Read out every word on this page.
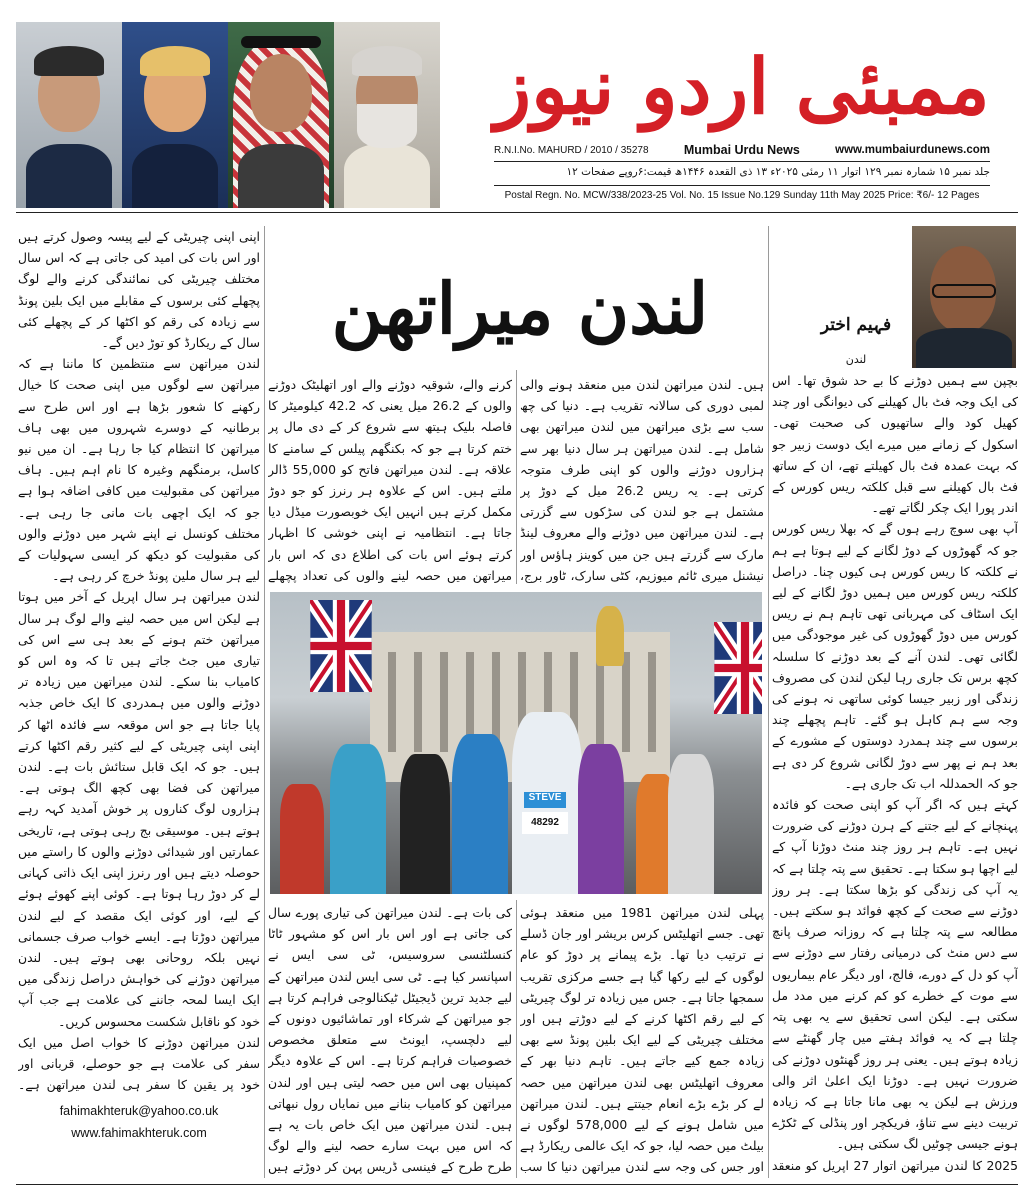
ممبئی اردو نیوز
R.N.I.No. MAHURD / 2010 / 35278	Mumbai Urdu News	www.mumbaiurdunews.com
جلد نمبر ۱۵ شمارہ نمبر ۱۲۹ اتوار ۱۱ رمئی ۲۰۲۵ء ۱۳ ذی القعدہ ۱۴۴۶ھ قیمت:۶روپے صفحات ۱۲
Postal Regn. No. MCW/338/2023-25 Vol. No. 15 Issue No.129 Sunday 11th May 2025 Price: ₹6/- 12 Pages
لندن میراتھن	فہیم اختر
لندن

بچپن سے ہمیں دوڑنے کا بے حد شوق تھا۔ اس کی ایک وجہ فٹ بال کھیلنے کی دیوانگی اور چند کھیل کود والے ساتھیوں کی صحبت تھی۔ اسکول کے زمانے میں میرے ایک دوست زبیر جو کہ بہت عمدہ فٹ بال کھیلتے تھے، ان کے ساتھ فٹ بال کھیلنے سے قبل کلکتہ ریس کورس کے اندر پورا ایک چکر لگاتے تھے۔

آپ بھی سوچ رہے ہوں گے کہ بھلا ریس کورس جو کہ گھوڑوں کے دوڑ لگانے کے لیے ہوتا ہے ہم نے کلکتہ کا ریس کورس ہی کیوں چنا۔ دراصل کلکتہ ریس کورس میں ہمیں دوڑ لگانے کے لیے ایک اسٹاف کی مہربانی تھی تاہم ہم نے ریس کورس میں دوڑ گھوڑوں کی غیر موجودگی میں لگائی تھی۔ لندن آنے کے بعد دوڑنے کا سلسلہ کچھ برس تک جاری رہا لیکن لندن کی مصروف زندگی اور زبیر جیسا کوئی ساتھی نہ ہونے کی وجہ سے ہم کاہل ہو گئے۔ تاہم پچھلے چند برسوں سے چند ہمدرد دوستوں کے مشورے کے بعد ہم نے پھر سے دوڑ لگانی شروع کر دی ہے جو کہ الحمدللہ اب تک جاری ہے۔

کہتے ہیں کہ اگر آپ کو اپنی صحت کو فائدہ پہنچانے کے لیے جتنے کے ہرن دوڑنے کی ضرورت نہیں ہے۔ تاہم ہر روز چند منٹ دوڑنا آپ کے لیے اچھا ہو سکتا ہے۔ تحقیق سے پتہ چلتا ہے کہ یہ آپ کی زندگی کو بڑھا سکتا ہے۔ ہر روز دوڑنے سے صحت کے کچھ فوائد ہو سکتے ہیں۔ مطالعہ سے پتہ چلتا ہے کہ روزانہ صرف پانچ سے دس منٹ کی درمیانی رفتار سے دوڑنے سے آپ کو دل کے دورے، فالج، اور دیگر عام بیماریوں سے موت کے خطرے کو کم کرنے میں مدد مل سکتی ہے۔ لیکن اسی تحقیق سے یہ بھی پتہ چلتا ہے کہ یہ فوائد ہفتے میں چار گھنٹے سے زیادہ ہوتے ہیں۔ یعنی ہر روز گھنٹوں دوڑنے کی ضرورت نہیں ہے۔ دوڑنا ایک اعلیٰ اثر والی ورزش ہے لیکن یہ بھی مانا جاتا ہے کہ زیادہ تربیت دینے سے تناؤ، فریکچر اور پنڈلی کے ٹکڑے ہونے جیسی چوٹیں لگ سکتی ہیں۔

2025 کا لندن میراتھن اتوار 27 اپریل کو منعقد

ہیں۔ لندن میراتھن لندن میں منعقد ہونے والی لمبی دوری کی سالانہ تقریب ہے۔ دنیا کی چھ سب سے بڑی میراتھن میں لندن میراتھن بھی شامل ہے۔ لندن میراتھن ہر سال دنیا بھر سے ہزاروں دوڑنے والوں کو اپنی طرف متوجہ کرتی ہے۔ یہ ریس 26.2 میل کے دوڑ پر مشتمل ہے جو لندن کی سڑکوں سے گزرتی ہے۔ لندن میراتھن میں دوڑنے والے معروف لینڈ مارک سے گزرتے ہیں جن میں کوینز ہاؤس اور نیشنل میری ٹائم میوزیم، کٹی سارک، ٹاور برج،

کرنے والے، شوقیہ دوڑنے والے اور اتھلیٹک دوڑنے والوں کے 26.2 میل یعنی کہ 42.2 کیلومیٹر کا فاصلہ بلیک ہیتھ سے شروع کر کے دی مال پر ختم کرتا ہے جو کہ بکنگھم پیلس کے سامنے کا علاقہ ہے۔ لندن میراتھن فاتح کو 55,000 ڈالر ملتے ہیں۔ اس کے علاوہ ہر رنرز کو جو دوڑ مکمل کرتے ہیں انہیں ایک خوبصورت میڈل دیا جاتا ہے۔ انتظامیہ نے اپنی خوشی کا اظہار کرتے ہوئے اس بات کی اطلاع دی کہ اس بار میراتھن میں حصہ لینے والوں کی تعداد پچھلے

STEVE
48292

پہلی لندن میراتھن 1981 میں منعقد ہوئی تھی۔ جسے اتھلیٹس کرس بریشر اور جان ڈسلے نے ترتیب دیا تھا۔ بڑے پیمانے پر دوڑ کو عام لوگوں کے لیے رکھا گیا ہے جسے مرکزی تقریب سمجھا جاتا ہے۔ جس میں زیادہ تر لوگ چیریٹی کے لیے رقم اکٹھا کرنے کے لیے دوڑتے ہیں اور مختلف چیریٹی کے لیے ایک بلین پونڈ سے بھی زیادہ جمع کیے جاتے ہیں۔ تاہم دنیا بھر کے معروف اتھلیٹس بھی لندن میراتھن میں حصہ لے کر بڑے بڑے انعام جیتتے ہیں۔ لندن میراتھن میں شامل ہونے کے لیے 578,000 لوگوں نے بیلٹ میں حصہ لیا، جو کہ ایک عالمی ریکارڈ ہے اور جس کی وجہ سے لندن میراتھن دنیا کا سب

کی بات ہے۔ لندن میراتھن کی تیاری پورے سال کی جاتی ہے اور اس بار اس کو مشہور ٹاٹا کنسلٹنسی سروسیس، ٹی سی ایس نے اسپانسر کیا ہے۔ ٹی سی ایس لندن میراتھن کے لیے جدید ترین ڈیجیٹل ٹیکنالوجی فراہم کرتا ہے جو میراتھن کے شرکاء اور تماشائیوں دونوں کے لیے دلچسپ، ایونٹ سے متعلق مخصوص خصوصیات فراہم کرتا ہے۔ اس کے علاوہ دیگر کمپنیاں بھی اس میں حصہ لیتی ہیں اور لندن میراتھن کو کامیاب بنانے میں نمایاں رول نبھاتی ہیں۔ لندن میراتھن میں ایک خاص بات یہ ہے کہ اس میں بہت سارے حصہ لینے والے لوگ طرح طرح کے فینسی ڈریس پہن کر دوڑتے ہیں

اپنی اپنی چیریٹی کے لیے پیسہ وصول کرتے ہیں اور اس بات کی امید کی جاتی ہے کہ اس سال مختلف چیریٹی کی نمائندگی کرنے والے لوگ پچھلے کئی برسوں کے مقابلے میں ایک بلین پونڈ سے زیادہ کی رقم کو اکٹھا کر کے پچھلے کئی سال کے ریکارڈ کو توڑ دیں گے۔

لندن میراتھن سے منتظمین کا ماننا ہے کہ میراتھن سے لوگوں میں اپنی صحت کا خیال رکھنے کا شعور بڑھا ہے اور اس طرح سے برطانیہ کے دوسرے شہروں میں بھی ہاف میراتھن کا انتظام کیا جا رہا ہے۔ ان میں نیو کاسل، برمنگھم وغیرہ کا نام اہم ہیں۔ ہاف میراتھن کی مقبولیت میں کافی اضافہ ہوا ہے جو کہ ایک اچھی بات مانی جا رہی ہے۔ مختلف کونسل نے اپنے شہر میں دوڑنے والوں کی مقبولیت کو دیکھ کر ایسی سہولیات کے لیے ہر سال ملین پونڈ خرچ کر رہی ہے۔

لندن میراتھن ہر سال اپریل کے آخر میں ہوتا ہے لیکن اس میں حصہ لینے والے لوگ ہر سال میراتھن ختم ہونے کے بعد ہی سے اس کی تیاری میں جٹ جاتے ہیں تا کہ وہ اس کو کامیاب بنا سکے۔ لندن میراتھن میں زیادہ تر دوڑنے والوں میں ہمدردی کا ایک خاص جذبہ پایا جاتا ہے جو اس موقعہ سے فائدہ اٹھا کر اپنی اپنی چیریٹی کے لیے کثیر رقم اکٹھا کرتے ہیں۔ جو کہ ایک قابل ستائش بات ہے۔ لندن میراتھن کی فضا بھی کچھ الگ ہوتی ہے۔ ہزاروں لوگ کناروں پر خوش آمدید کہہ رہے ہوتے ہیں۔ موسیقی بج رہی ہوتی ہے، تاریخی عمارتیں اور شیدائی دوڑنے والوں کا راستے میں حوصلہ دیتے ہیں اور رنرز اپنی ایک ذاتی کہانی لے کر دوڑ رہا ہوتا ہے۔ کوئی اپنے کھوئے ہوئے کے لیے، اور کوئی ایک مقصد کے لیے لندن میراتھن دوڑتا ہے۔ ایسے خواب صرف جسمانی نہیں بلکہ روحانی بھی ہوتے ہیں۔ لندن میراتھن دوڑنے کی خواہش دراصل زندگی میں ایک ایسا لمحہ جاننے کی علامت ہے جب آپ خود کو ناقابل شکست محسوس کریں۔

لندن میراتھن دوڑنے کا خواب اصل میں ایک سفر کی علامت ہے جو حوصلے، قربانی اور خود پر یقین کا سفر ہی لندن میراتھن ہے۔

fahimakhteruk@yahoo.co.uk
www.fahimakhteruk.com
